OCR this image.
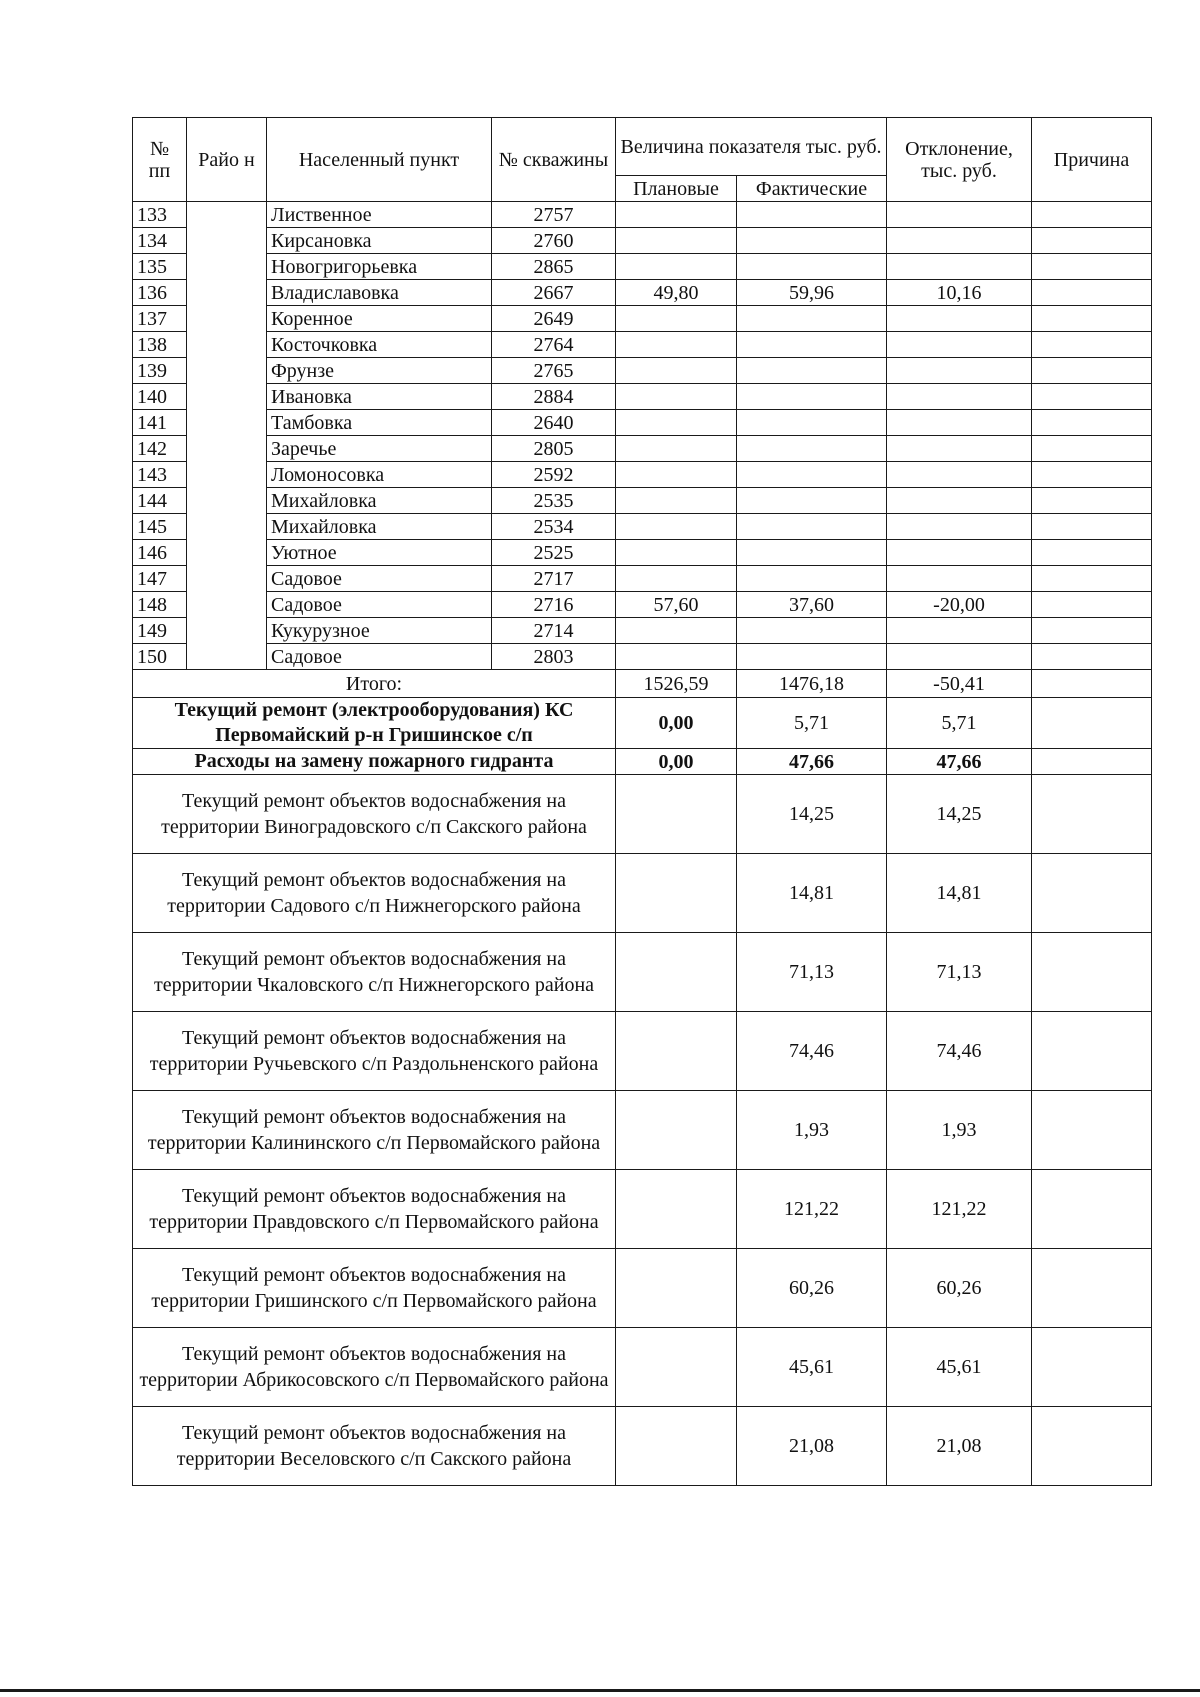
№ пп	Райо н	Населенный пункт	№ скважины	Величина показателя тыс. руб.		Отклонение, тыс. руб.	Причина
				Плановые	Фактические		
133		Лиственное	2757				
134		Кирсановка	2760				
135		Новогригорьевка	2865				
136		Владиславовка	2667	49,80	59,96	10,16	
137		Коренное	2649				
138		Косточковка	2764				
139		Фрунзе	2765				
140		Ивановка	2884				
141		Тамбовка	2640				
142		Заречье	2805				
143		Ломоносовка	2592				
144		Михайловка	2535				
145		Михайловка	2534				
146		Уютное	2525				
147		Садовое	2717				
148		Садовое	2716	57,60	37,60	-20,00	
149		Кукурузное	2714				
150		Садовое	2803				
Итого:				1526,59	1476,18	-50,41	
Текущий ремонт (электрооборудования) КС Первомайский р-н Гришинское с/п				0,00	5,71	5,71	
Расходы на замену пожарного гидранта				0,00	47,66	47,66	
Текущий ремонт объектов водоснабжения на территории Виноградовского с/п Сакского района					14,25	14,25	
Текущий ремонт объектов водоснабжения на территории Садового с/п Нижнегорского района					14,81	14,81	
Текущий ремонт объектов водоснабжения на территории Чкаловского с/п Нижнегорского района					71,13	71,13	
Текущий ремонт объектов водоснабжения на территории Ручьевского с/п Раздольненского района					74,46	74,46	
Текущий ремонт объектов водоснабжения на территории Калининского с/п Первомайского района					1,93	1,93	
Текущий ремонт объектов водоснабжения на территории Правдовского с/п Первомайского района					121,22	121,22	
Текущий ремонт объектов водоснабжения на территории Гришинского с/п Первомайского района					60,26	60,26	
Текущий ремонт объектов водоснабжения на территории Абрикосовского с/п Первомайского района					45,61	45,61	
Текущий ремонт объектов водоснабжения на территории Веселовского с/п Сакского района					21,08	21,08	
